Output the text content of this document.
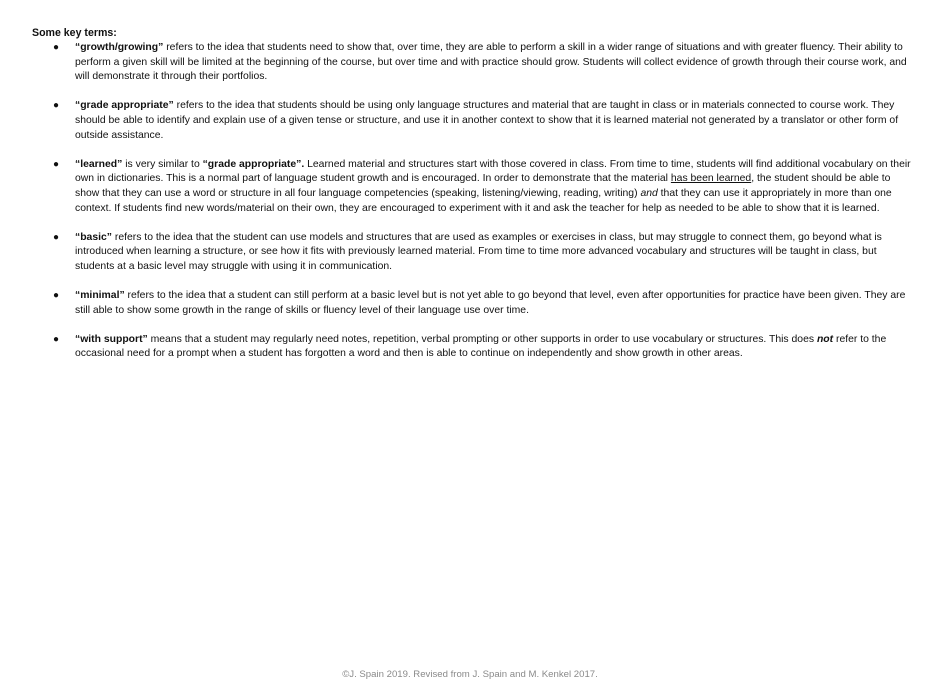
Some key terms:
● “growth/growing” refers to the idea that students need to show that, over time, they are able to perform a skill in a wider range of situations and with greater fluency. Their ability to perform a given skill will be limited at the beginning of the course, but over time and with practice should grow. Students will collect evidence of growth through their course work, and will demonstrate it through their portfolios.
● “grade appropriate” refers to the idea that students should be using only language structures and material that are taught in class or in materials connected to course work. They should be able to identify and explain use of a given tense or structure, and use it in another context to show that it is learned material not generated by a translator or other form of outside assistance.
● “learned” is very similar to “grade appropriate”. Learned material and structures start with those covered in class. From time to time, students will find additional vocabulary on their own in dictionaries. This is a normal part of language student growth and is encouraged. In order to demonstrate that the material has been learned, the student should be able to show that they can use a word or structure in all four language competencies (speaking, listening/viewing, reading, writing) and that they can use it appropriately in more than one context. If students find new words/material on their own, they are encouraged to experiment with it and ask the teacher for help as needed to be able to show that it is learned.
● “basic” refers to the idea that the student can use models and structures that are used as examples or exercises in class, but may struggle to connect them, go beyond what is introduced when learning a structure, or see how it fits with previously learned material. From time to time more advanced vocabulary and structures will be taught in class, but students at a basic level may struggle with using it in communication.
● “minimal” refers to the idea that a student can still perform at a basic level but is not yet able to go beyond that level, even after opportunities for practice have been given. They are still able to show some growth in the range of skills or fluency level of their language use over time.
● “with support” means that a student may regularly need notes, repetition, verbal prompting or other supports in order to use vocabulary or structures. This does not refer to the occasional need for a prompt when a student has forgotten a word and then is able to continue on independently and show growth in other areas.
©J. Spain 2019. Revised from J. Spain and M. Kenkel 2017.
